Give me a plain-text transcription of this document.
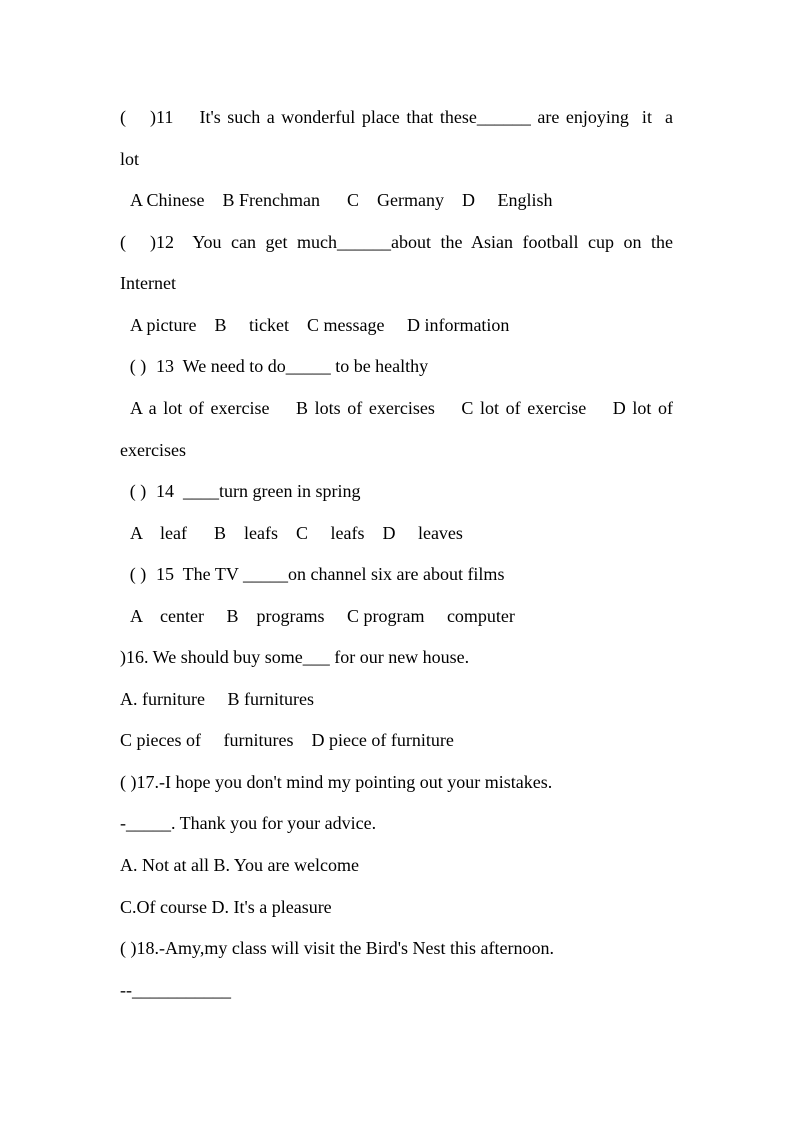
( )11    It's such a wonderful place that these______ are enjoying  it  a
lot
A Chinese    B Frenchman      C    Germany    D     English
( )12  You can get much______about the Asian football cup on the
Internet
A picture    B     ticket    C message     D information
( ) 13  We need to do_____ to be healthy
A a lot of exercise    B lots of exercises    C lot of exercise    D lot of
exercises
( ) 14  ____turn green in spring
A    leaf      B    leafs    C     leafs    D     leaves
( ) 15  The TV _____on channel six are about films
A    center     B    programs     C program     computer
)16. We should buy some___ for our new house.
A. furniture     B furnitures
C pieces of     furnitures    D piece of furniture
( )17.-I hope you don't mind my pointing out your mistakes.
-_____. Thank you for your advice.
A. Not at all B. You are welcome
C.Of course D. It's a pleasure
( )18.-Amy,my class will visit the Bird's Nest this afternoon.
--___________
